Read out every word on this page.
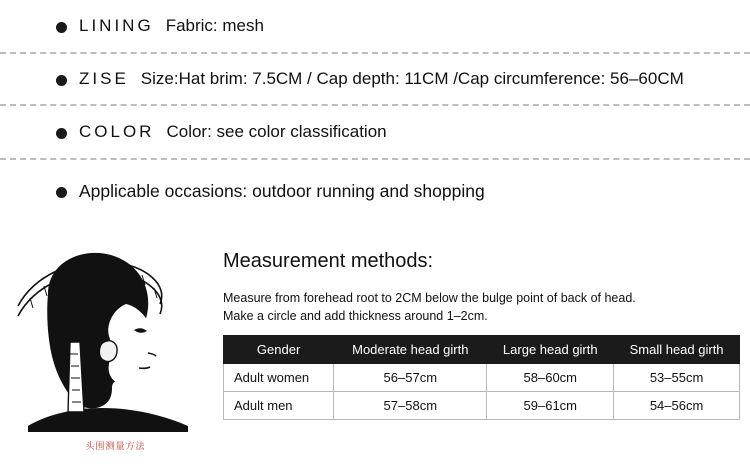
LINING Fabric: mesh
ZISE Size:Hat brim: 7.5CM / Cap depth: 11CM /Cap circumference: 56–60CM
COLOR Color: see color classification
Applicable occasions: outdoor running and shopping
头围测量方法
Measurement methods:
Measure from forehead root to 2CM below the bulge point of back of head.
Make a circle and add thickness around 1–2cm.
Gender	Moderate head girth	Large head girth	Small head girth
Adult women	56–57cm	58–60cm	53–55cm
Adult men	57–58cm	59–61cm	54–56cm
